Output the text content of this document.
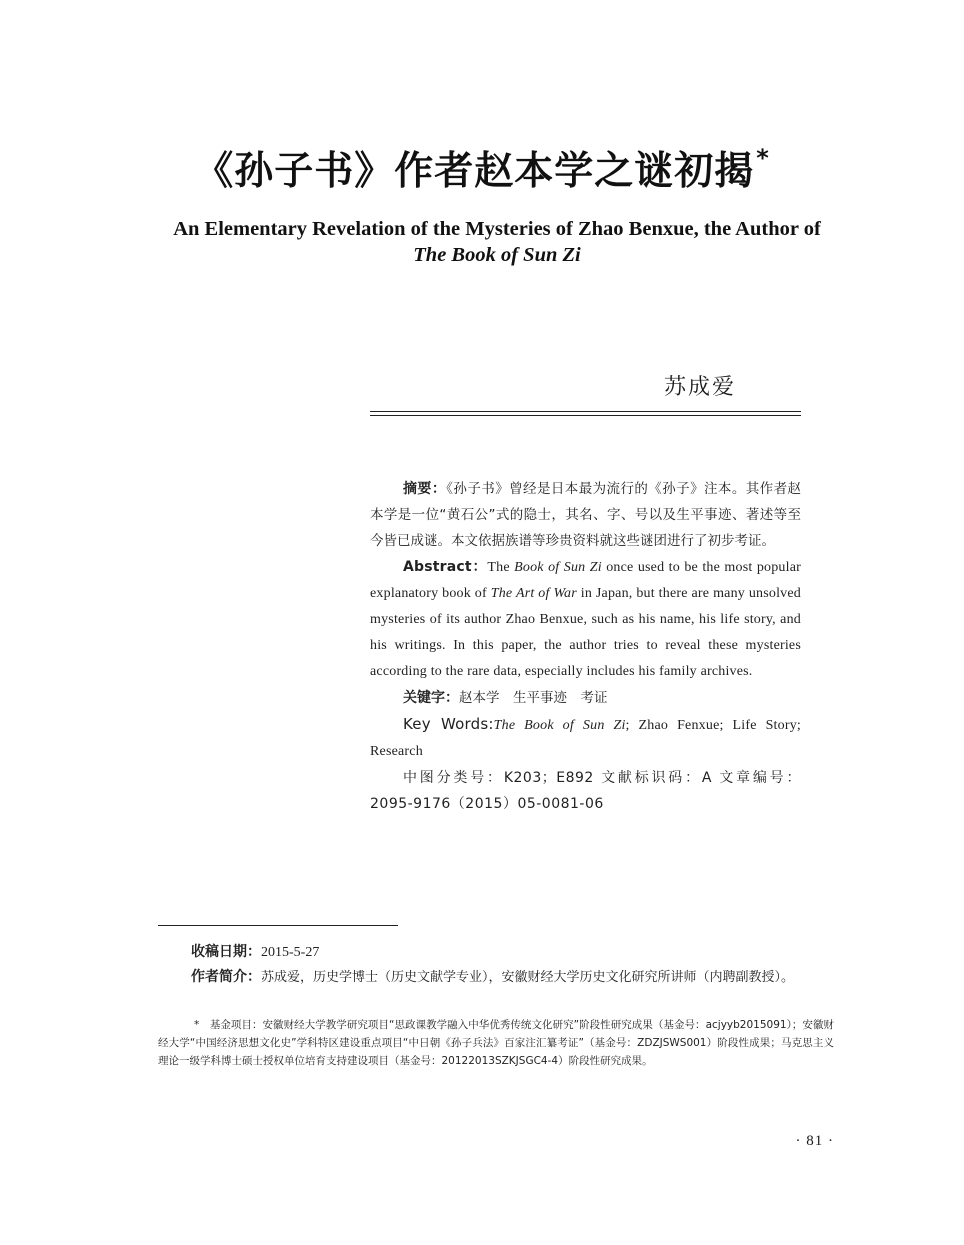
《孙子书》作者赵本学之谜初揭*
An Elementary Revelation of the Mysteries of Zhao Benxue, the Author of
The Book of Sun Zi
苏成爱

摘要：《孙子书》曾经是日本最为流行的《孙子》注本。其作者赵本学是一位“黄石公”式的隐士，其名、字、号以及生平事迹、著述等至今皆已成谜。本文依据族谱等珍贵资料就这些谜团进行了初步考证。

Abstract：The Book of Sun Zi once used to be the most popular explanatory book of The Art of War in Japan, but there are many unsolved mysteries of its author Zhao Benxue, such as his name, his life story, and his writings. In this paper, the author tries to reveal these mysteries according to the rare data, especially includes his family archives.

关键字：赵本学　生平事迹　考证

Key Words:The Book of Sun Zi; Zhao Fenxue; Life Story; Research

中图分类号：K203；E892 文献标识码：A 文章编号：2095-9176（2015）05-0081-06

收稿日期：2015-5-27

作者简介：苏成爱，历史学博士（历史文献学专业），安徽财经大学历史文化研究所讲师（内聘副教授）。

*　基金项目：安徽财经大学教学研究项目“思政课教学融入中华优秀传统文化研究”阶段性研究成果（基金号：acjyyb2015091）；安徽财经大学“中国经济思想文化史”学科特区建设重点项目“中日朝《孙子兵法》百家注汇纂考证”（基金号：ZDZJSWS001）阶段性成果；马克思主义理论一级学科博士硕士授权单位培育支持建设项目（基金号：20122013SZKJSGC4-4）阶段性研究成果。

· 81 ·
